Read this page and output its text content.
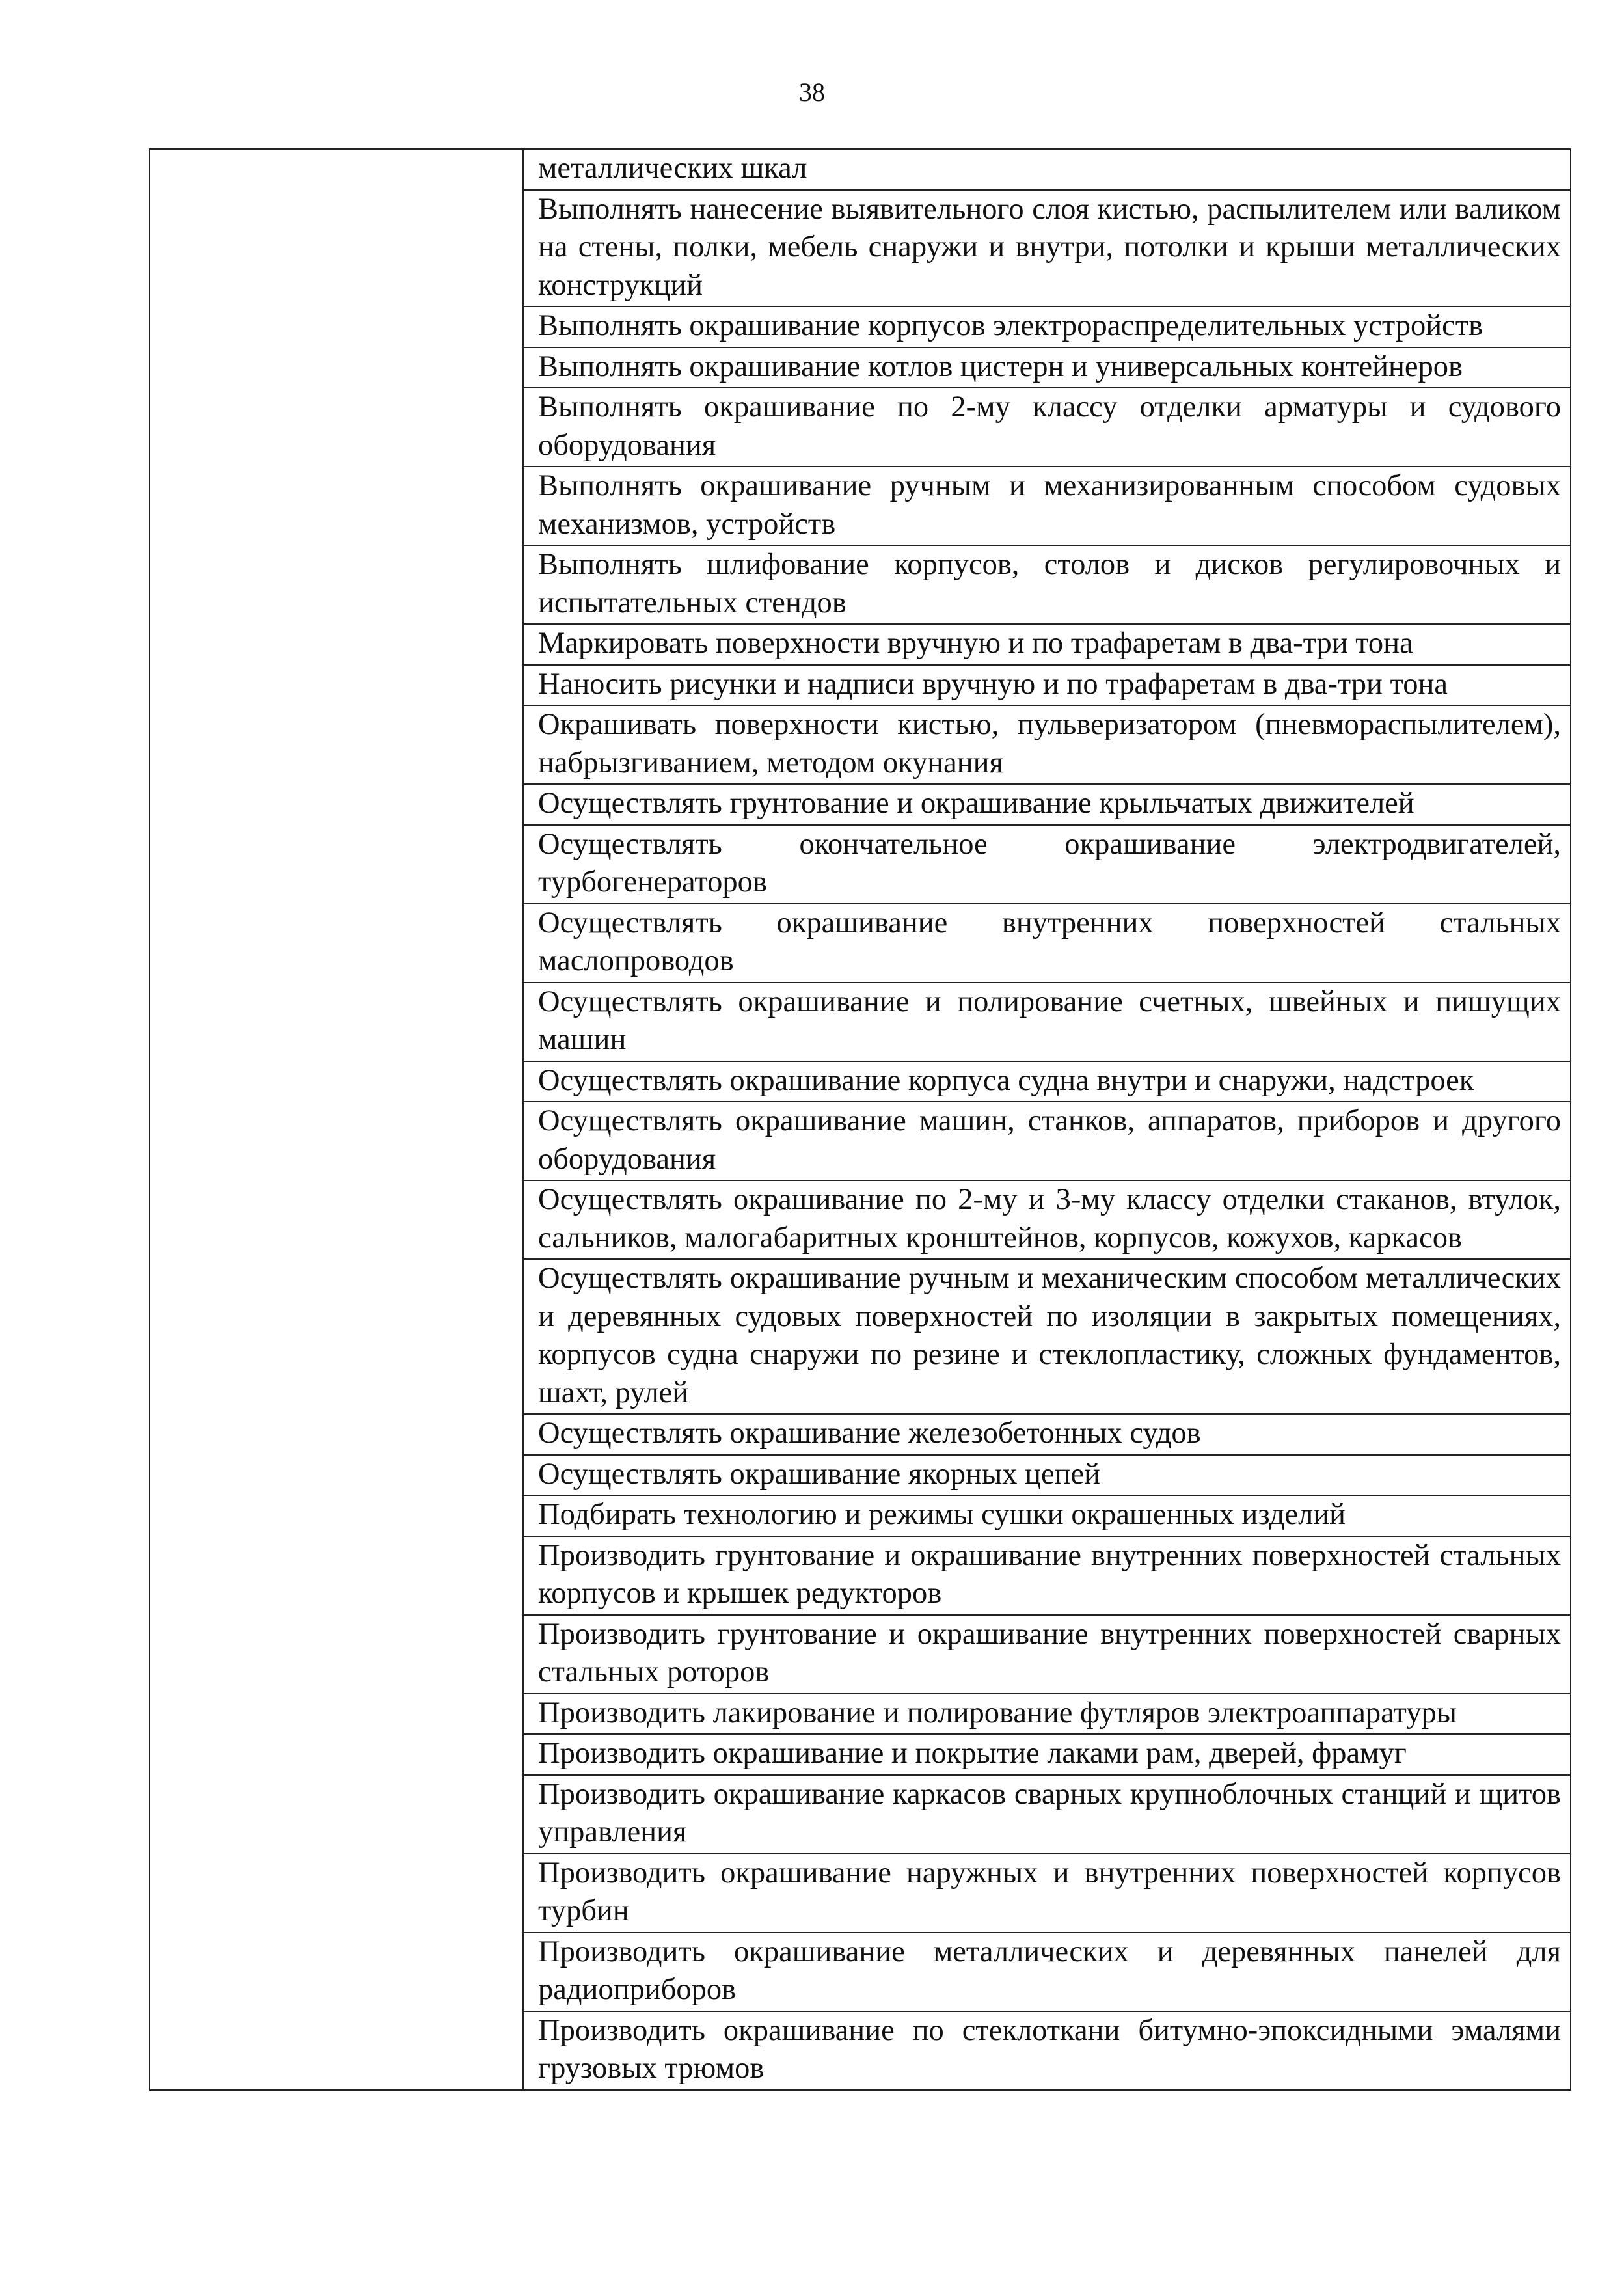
38

металлических шкал

Выполнять нанесение выявительного слоя кистью, распылителем или валиком на стены, полки, мебель снаружи и внутри, потолки и крыши металлических конструкций

Выполнять окрашивание корпусов электрораспределительных устройств

Выполнять окрашивание котлов цистерн и универсальных контейнеров

Выполнять окрашивание по 2-му классу отделки арматуры и судового оборудования

Выполнять окрашивание ручным и механизированным способом судовых механизмов, устройств

Выполнять шлифование корпусов, столов и дисков регулировочных и испытательных стендов

Маркировать поверхности вручную и по трафаретам в два-три тона

Наносить рисунки и надписи вручную и по трафаретам в два-три тона

Окрашивать поверхности кистью, пульверизатором (пневмораспылителем), набрызгиванием, методом окунания

Осуществлять грунтование и окрашивание крыльчатых движителей

Осуществлять окончательное окрашивание электродвигателей, турбогенераторов

Осуществлять окрашивание внутренних поверхностей стальных маслопроводов

Осуществлять окрашивание и полирование счетных, швейных и пишущих машин

Осуществлять окрашивание корпуса судна внутри и снаружи, надстроек

Осуществлять окрашивание машин, станков, аппаратов, приборов и другого оборудования

Осуществлять окрашивание по 2-му и 3-му классу отделки стаканов, втулок, сальников, малогабаритных кронштейнов, корпусов, кожухов, каркасов

Осуществлять окрашивание ручным и механическим способом металлических и деревянных судовых поверхностей по изоляции в закрытых помещениях, корпусов судна снаружи по резине и стеклопластику, сложных фундаментов, шахт, рулей

Осуществлять окрашивание железобетонных судов

Осуществлять окрашивание якорных цепей

Подбирать технологию и режимы сушки окрашенных изделий

Производить грунтование и окрашивание внутренних поверхностей стальных корпусов и крышек редукторов

Производить грунтование и окрашивание внутренних поверхностей сварных стальных роторов

Производить лакирование и полирование футляров электроаппаратуры

Производить окрашивание и покрытие лаками рам, дверей, фрамуг

Производить окрашивание каркасов сварных крупноблочных станций и щитов управления

Производить окрашивание наружных и внутренних поверхностей корпусов турбин

Производить окрашивание металлических и деревянных панелей для радиоприборов

Производить окрашивание по стеклоткани битумно-эпоксидными эмалями грузовых трюмов
